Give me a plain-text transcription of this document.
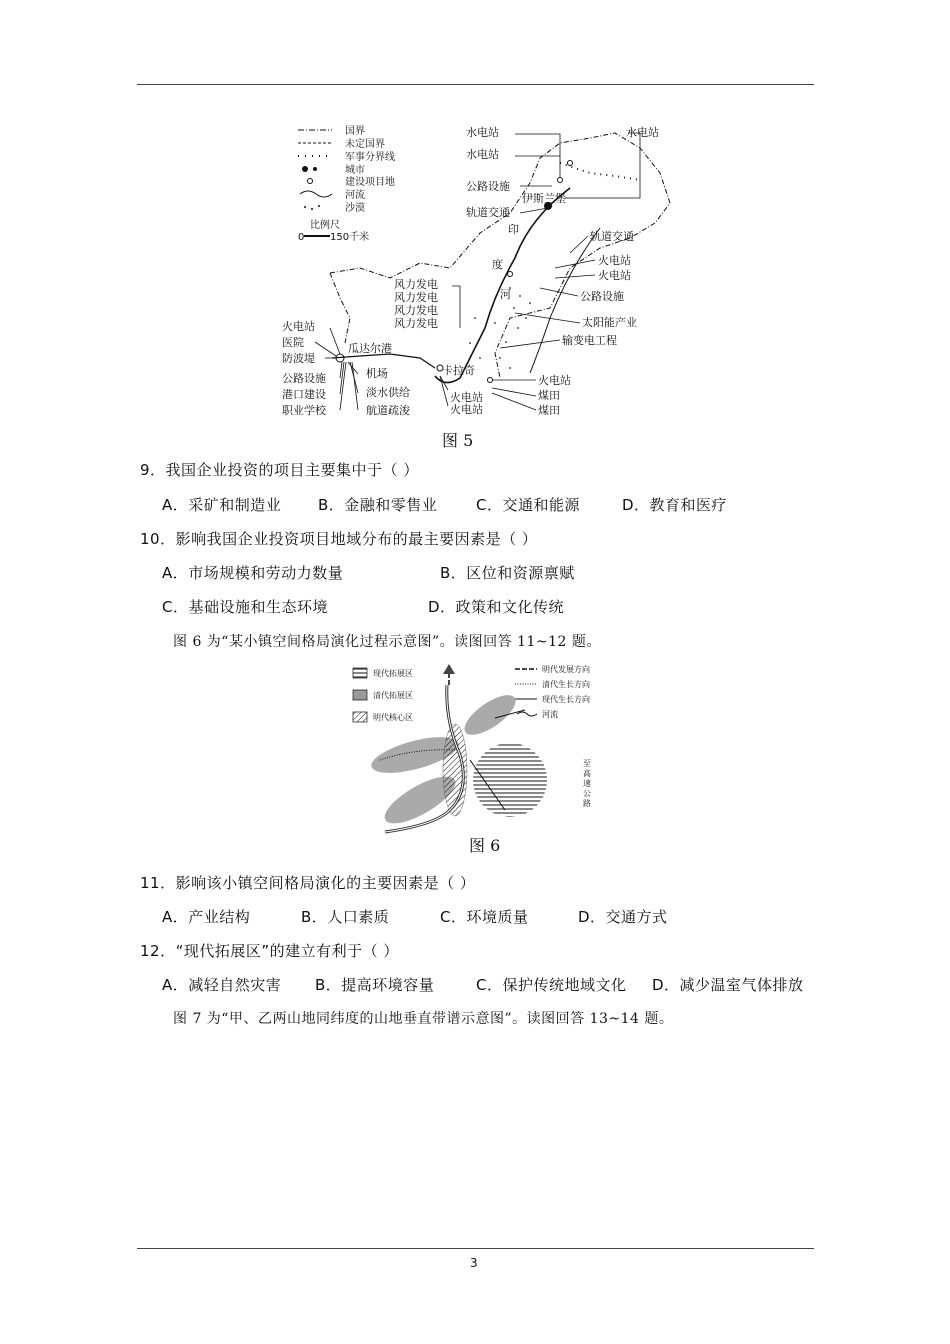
国界
未定国界
军事分界线
城市
建设项目地
河流
沙漠
比例尺
0	150千米
水电站
水电站
水电站
公路设施
伊斯兰堡
轨道交通
轨道交通
火电站
火电站
公路设施
太阳能产业
输变电工程
风力发电
风力发电
风力发电
风力发电
印
度
河
火电站
医院
防波堤
瓜达尔港
公路设施
港口建设
职业学校
机场
淡水供给
航道疏浚
卡拉奇
火电站
火电站
火电站
煤田
煤田
图 5
9．我国企业投资的项目主要集中于（ ）
A．采矿和制造业 B．金融和零售业	C．交通和能源	D．教育和医疗
10．影响我国企业投资项目地域分布的最主要因素是（ ）
A．市场规模和劳动力数量	B．区位和资源禀赋
C．基础设施和生态环境	D．政策和文化传统
图 6 为“某小镇空间格局演化过程示意图”。读图回答 11~12 题。
现代拓展区
清代拓展区
明代核心区
明代发展方向
清代生长方向
现代生长方向
河流
至
高
速
公
路
图 6
11．影响该小镇空间格局演化的主要因素是（ ）
A．产业结构	B．人口素质	C．环境质量	D．交通方式
12．“现代拓展区”的建立有利于（ ）
A．减轻自然灾害 B．提高环境容量	C．保护传统地域文化 D．减少温室气体排放
图 7 为“甲、乙两山地同纬度的山地垂直带谱示意图”。读图回答 13~14 题。
3
